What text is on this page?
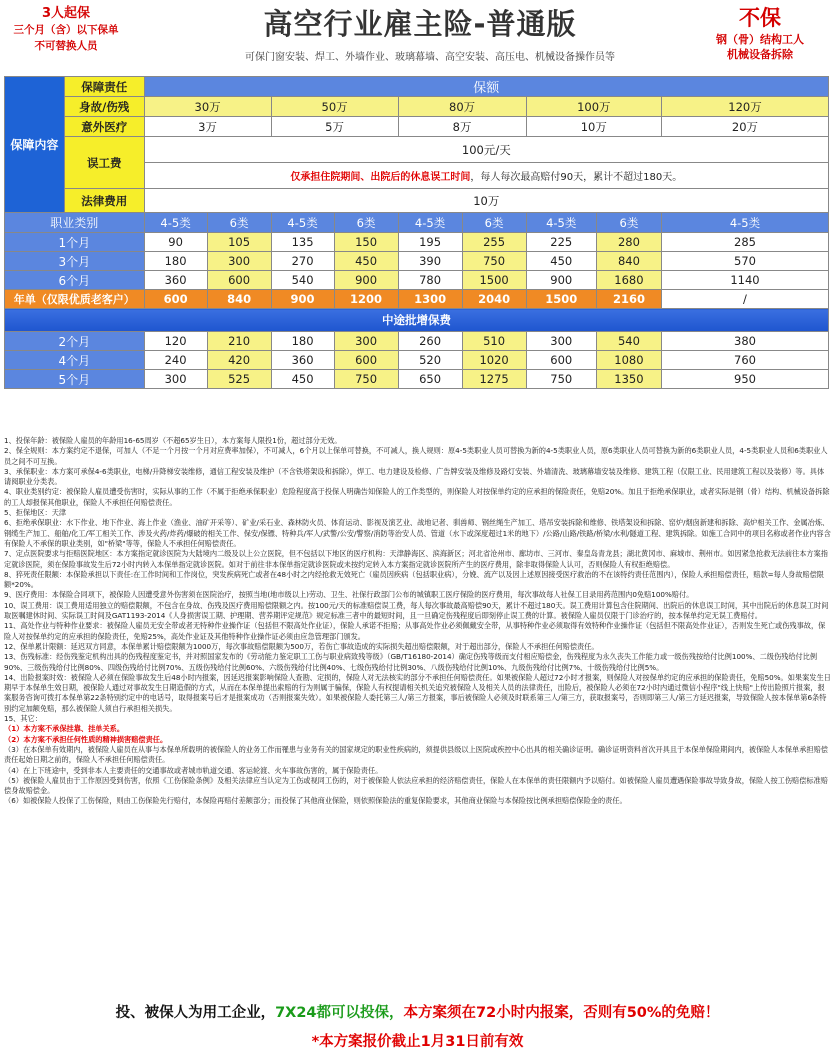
3人起保
三个月（含）以下保单
不可替换人员
高空行业雇主险-普通版
可保门窗安装、焊工、外墙作业、玻璃幕墙、高空安装、高压电、机械设备操作员等
不保
钢（骨）结构工人
机械设备拆除
保障内容	保障责任	保额								
	身故/伤残	30万		50万		80万		100万		120万
	意外医疗	3万		5万		8万		10万		20万
	误工费	100元/天								
		仅承担住院期间、出院后的休息误工时间，每人每次最高赔付90天，累计不超过180天。								
	法律费用	10万								
职业类别		4-5类	6类	4-5类	6类	4-5类	6类	4-5类	6类	4-5类
1个月		90	105	135	150	195	255	225	280	285
3个月		180	300	270	450	390	750	450	840	570
6个月		360	600	540	900	780	1500	900	1680	1140
年单（仅限优质老客户）		600	840	900	1200	1300	2040	1500	2160	/
中途批增保费										
2个月		120	210	180	300	260	510	300	540	380
4个月		240	420	360	600	520	1020	600	1080	760
5个月		300	525	450	750	650	1275	750	1350	950

1、投保年龄：被保险人雇员的年龄用16-65周岁（不超65岁生日），本方案每人限投1份，超过部分无效。

2、保全规则：本方案约定不退保，可加人（不足一个月按一个月对应费率加保），不可减人，6个月以上保单可替换，不可减人，换人规则：原4-5类职业人员可替换为新的4-5类职业人员，原6类职业人员可替换为新的6类职业人员，4-5类职业人员和6类职业人员之间不可互换。

3、承保职业：本方案可承保4-6类职业，电梯/升降梯安装维修，通信工程安装及维护（不含铁塔架设和拆除），焊工、电力建设及检修、广告牌安装及维修及路灯安装、外墙清洗、玻璃幕墙安装及维修、建筑工程（仅限工业、民用建筑工程以及装修）等。具体请阅职业分类表。

4、职业类别约定：被保险人雇员遭受伤害时，实际从事的工作（不属于拒绝承保职业）危险程度高于投保人明确告知保险人的工作类型的，则保险人对按保单约定的应承担的保险责任，免赔20%。加且于拒绝承保职业，或者实际是钢（骨）结构、机械设备拆除的工人却报保其他职业，保险人不承担任何赔偿责任。

5、拒保地区：天津

6、拒绝承保职业：水下作业、地下作业、海上作业（渔业、油矿开采等）、矿业/采石业、森林防火员、体育运动、影视及演艺业、战地记者、驯兽师、钢丝绳生产加工、塔吊安装拆除和维修、铁塔架设和拆除、窑炉/烟囱新建和拆除、高炉相关工作、金属冶炼、钢缆生产加工、船舶/化工/军工相关工作、涉及火药/炸药/爆破的相关工作、保安/保镖、特种兵/军人/武警/公安/警察/消防等治安人员、管道（水下或深度超过1米的地下）/公路/山路/铁路/桥梁/水利/隧道工程、建筑拆除。如施工合同中的项目名称或者作业内容含有保险人不承保的职业类别，如"桥梁"等等，保险人不承担任何赔偿责任。

7、定点医院要求与拒赔医院地区：本方案指定就诊医院为大陆境内二级及以上公立医院，但不包括以下地区的医疗机构：天津静海区、滨海新区；河北省沧州市、廊坊市、三河市、秦皇岛青龙县；湖北黄冈市、麻城市、荆州市。如因紧急抢救无法前往本方案指定就诊医院，须在保险事故发生后72小时内转入本保单指定就诊医院。如对于前往非本保单指定就诊医院或未按约定转入本方案指定就诊医院所产生的医疗费用，除非取得保险人认可，否则保险人有权拒绝赔偿。

8、猝死责任限额：本保险承担以下责任:在工作时间和工作岗位，突发疾病死亡或者在48小时之内经抢救无效死亡（雇员因疾病（包括职业病），分娩、流产以及因上述原因接受医疗救治的不在该特约责任范围内），保险人承担赔偿责任，赔款=每人身故赔偿限额*20%。

9、医疗费用：本保险合同项下，被保险人因遭受意外伤害须在医院治疗，按照当地(地市级以上)劳动、卫生、社保行政部门公布的城镇职工医疗保险的医疗费用，每次事故每人社保工目录用药范围内0免赔100%赔付。

10、误工费用：误工费用适用独立的赔偿限额，不包含在身故、伤残及医疗费用赔偿限额之内。按100元/天的标准赔偿误工费，每人每次事故最高赔偿90天，累计不超过180天。误工费用计算包含住院期间、出院后的休息误工时间，其中出院后的休息误工时间取医嘱建休时间、实际误工时间及GAT1193-2014《人身损害误工期、护理期、营养期评定规范》规定标准三者中的最短时间，且一旦确定伤残程度后即刻停止误工费的计算。被保险人雇员仅限于门诊治疗的，按本保单约定无误工费赔付。

11、高处作业与特种作业要求：被保险人雇员无安全带或者无特种作业操作证（包括但不限高处作业证），保险人承诺不拒赔；从事高处作业必须佩戴安全带，从事特种作业必须取得有效特种作业操作证（包括但不限高处作业证），否则发生死亡或伤残事故，保险人对按保单约定的应承担的保险责任，免赔25%，高处作业证及其他特种作业操作证必须由应急管理部门颁发。

12、保单累计限额：延迟双方同意，本保单累计赔偿限额为1000万，每次事故赔偿限额为500万，若伤亡事故造成的实际损失超出赔偿限额，对于超出部分，保险人不承担任何赔偿责任。

13、伤残标准：经伤残鉴定机构出具的伤残程度鉴定书，并对照国家发布的《劳动能力鉴定职工工伤与职业病致残等级》（GB/T16180-2014）确定伤残等级而支付相应赔偿金，伤残程度为永久丧失工作能力或一级伤残按给付比例100%、二级伤残给付比例90%、三级伤残给付比例80%、四级伤残给付比例70%、五级伤残给付比例60%、六级伤残给付比例40%、七级伤残给付比例30%、八级伤残给付比例10%、九级伤残给付比例7%、十级伤残给付比例5%。

14、出险报案时效：被保险人必须在保险事故发生后48小时内报案，因延迟报案影响保险人查勘、定损的，保险人对无法核实的部分不承担任何赔偿责任。如果被保险人超过72小时才报案，则保险人对按保单约定的应承担的保险责任，免赔50%。如果案发生日期早于本保单生效日期，被保险人通过对事故发生日期造假的方式，从而在本保单提出索赔的行为则属于骗保，保险人有权提请相关机关追究被保险人及相关人员的法律责任，出险后，被保险人必须在72小时内通过微信小程序"线上快赔"上传出险照片报案，报案服务咨询可拨打本保单第22条特别约定中的电话号，取得报案号后才是报案成功（否则报案失效）。如果被保险人委托第三人/第三方报案，事后被保险人必须及时联系第三人/第三方，获取报案号，否则即第三人/第三方延迟报案，导致保险人按本保单第6条特别约定加额免赔，那么被保险人须自行承担相关损失。

15、其它：

（1）本方案不承保挂靠、挂单关系。

（2）本方案不承担任何性质的精神损害赔偿责任。

（3）在本保单有效期内，被保险人雇员在从事与本保单所载明的被保险人的业务工作而罹患与业务有关的国家规定的职业性疾病的，须提供县级以上医院或疾控中心出具的相关确诊证明。确诊证明资料首次开具且于本保单保险期间内，被保险人本保单承担赔偿责任起始日期之前的，保险人不承担任何赔偿责任。

（4）在上下班途中，受到非本人主要责任的交通事故或者城市轨道交通、客运轮渡、火车事故伤害的，属于保险责任。

（5）被保险人雇员由于工作原因受到伤害，依照《工伤保险条例》及相关法律应当认定为工伤或视同工伤的，对于被保险人依法应承担的经济赔偿责任，保险人在本保单的责任限额内予以赔付。如被保险人雇员遭遇保险事故导致身故，保险人按工伤赔偿标准赔偿身故赔偿金。

（6）如被保险人投保了工伤保险，则由工伤保险先行赔付，本保险再赔付差额部分；而投保了其他商业保险，则依照保险法的重复保险要求，其他商业保险与本保险按比例承担赔偿保险金的责任。

投、被保人为用工企业，7X24都可以投保，本方案须在72小时内报案，否则有50%的免赔！
*本方案报价截止1月31日前有效
